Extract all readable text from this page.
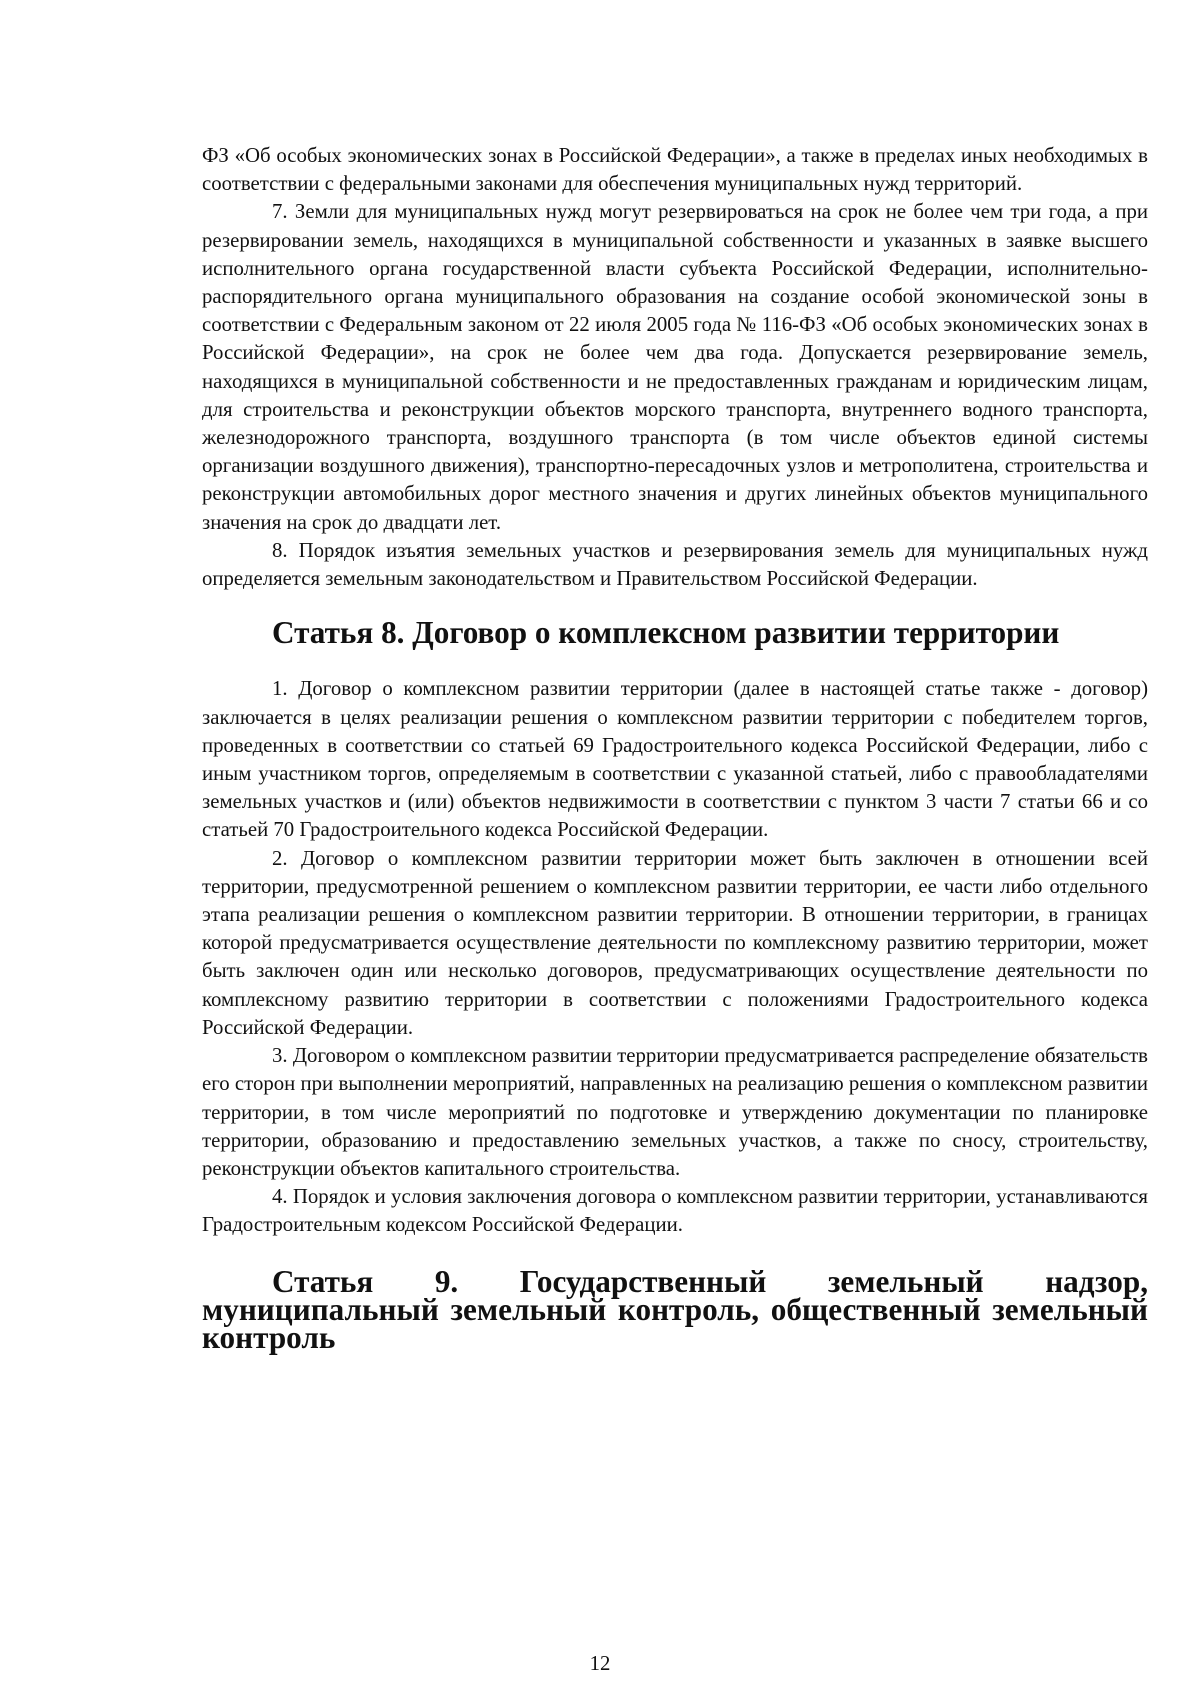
ФЗ «Об особых экономических зонах в Российской Федерации», а также в пределах иных необходимых в соответствии с федеральными законами для обеспечения муниципальных нужд территорий.

7. Земли для муниципальных нужд могут резервироваться на срок не более чем три года, а при резервировании земель, находящихся в муниципальной собственности и указанных в заявке высшего исполнительного органа государственной власти субъекта Российской Федерации, исполнительно-распорядительного органа муниципального образования на создание особой экономической зоны в соответствии с Федеральным законом от 22 июля 2005 года № 116-ФЗ «Об особых экономических зонах в Российской Федерации», на срок не более чем два года. Допускается резервирование земель, находящихся в муниципальной собственности и не предоставленных гражданам и юридическим лицам, для строительства и реконструкции объектов морского транспорта, внутреннего водного транспорта, железнодорожного транспорта, воздушного транспорта (в том числе объектов единой системы организации воздушного движения), транспортно-пересадочных узлов и метрополитена, строительства и реконструкции автомобильных дорог местного значения и других линейных объектов муниципального значения на срок до двадцати лет.

8. Порядок изъятия земельных участков и резервирования земель для муниципальных нужд определяется земельным законодательством и Правительством Российской Федерации.

Статья 8. Договор о комплексном развитии территории

1. Договор о комплексном развитии территории (далее в настоящей статье также - договор) заключается в целях реализации решения о комплексном развитии территории с победителем торгов, проведенных в соответствии со статьей 69 Градостроительного кодекса Российской Федерации, либо с иным участником торгов, определяемым в соответствии с указанной статьей, либо с правообладателями земельных участков и (или) объектов недвижимости в соответствии с пунктом 3 части 7 статьи 66 и со статьей 70 Градостроительного кодекса Российской Федерации.

2. Договор о комплексном развитии территории может быть заключен в отношении всей территории, предусмотренной решением о комплексном развитии территории, ее части либо отдельного этапа реализации решения о комплексном развитии территории. В отношении территории, в границах которой предусматривается осуществление деятельности по комплексному развитию территории, может быть заключен один или несколько договоров, предусматривающих осуществление деятельности по комплексному развитию территории в соответствии с положениями Градостроительного кодекса Российской Федерации.

3. Договором о комплексном развитии территории предусматривается распределение обязательств его сторон при выполнении мероприятий, направленных на реализацию решения о комплексном развитии территории, в том числе мероприятий по подготовке и утверждению документации по планировке территории, образованию и предоставлению земельных участков, а также по сносу, строительству, реконструкции объектов капитального строительства.

4. Порядок и условия заключения договора о комплексном развитии территории, устанавливаются Градостроительным кодексом Российской Федерации.

Статья 9. Государственный земельный надзор, муниципальный земельный контроль, общественный земельный контроль
12
